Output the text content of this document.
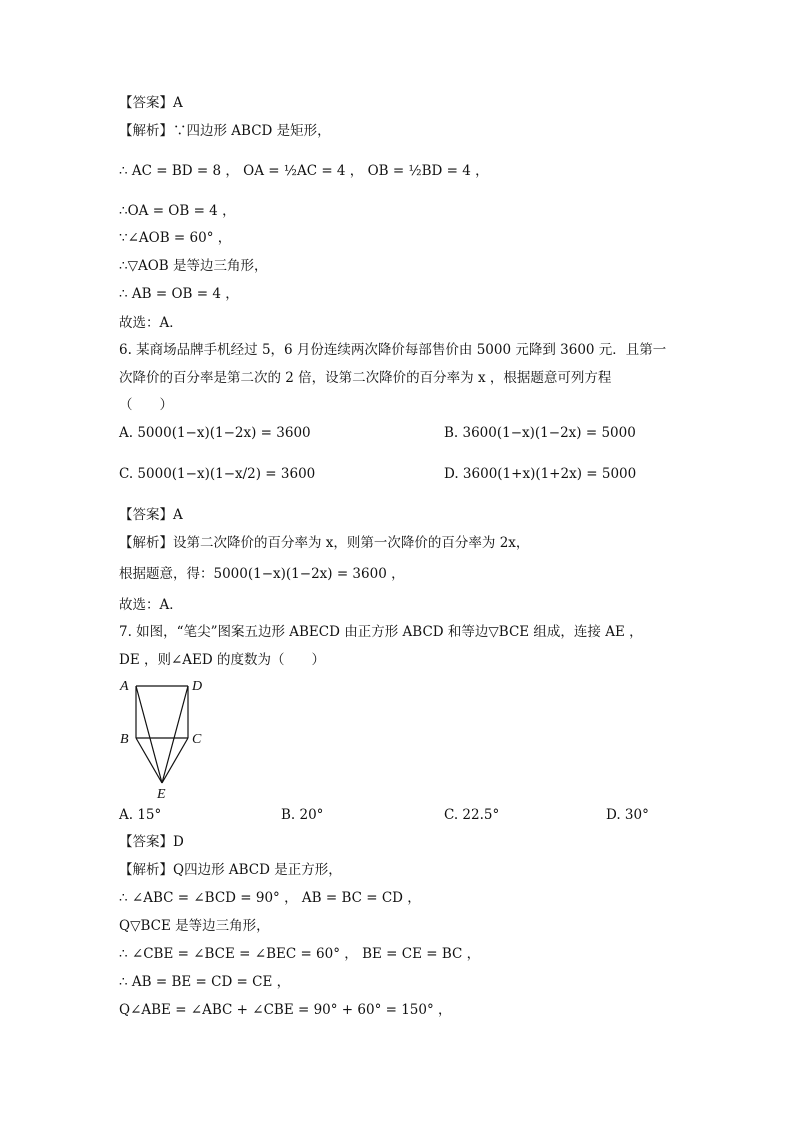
【答案】A
【解析】∵四边形 ABCD 是矩形，
∴ AC = BD = 8 ， OA = ½AC = 4 ， OB = ½BD = 4 ，
∴OA = OB = 4 ，
∵∠AOB = 60° ，
∴▽AOB 是等边三角形，
∴ AB = OB = 4 ，
故选：A．
6. 某商场品牌手机经过 5，6 月份连续两次降价每部售价由 5000 元降到 3600 元．且第一
次降价的百分率是第二次的 2 倍，设第二次降价的百分率为 x ，根据题意可列方程
（　　）
A. 5000(1−x)(1−2x) = 3600	B. 3600(1−x)(1−2x) = 5000
C. 5000(1−x)(1−x/2) = 3600	D. 3600(1+x)(1+2x) = 5000
【答案】A
【解析】设第二次降价的百分率为 x，则第一次降价的百分率为 2x，
根据题意，得：5000(1−x)(1−2x) = 3600 ，
故选：A．
7. 如图，“笔尖”图案五边形 ABECD 由正方形 ABCD 和等边▽BCE 组成，连接 AE ，
DE ，则∠AED 的度数为（　　）
A	D
B	C
E
A. 15°	B. 20°	C. 22.5°	D. 30°
【答案】D
【解析】Q四边形 ABCD 是正方形，
∴ ∠ABC = ∠BCD = 90° ， AB = BC = CD ，
Q▽BCE 是等边三角形，
∴ ∠CBE = ∠BCE = ∠BEC = 60° ， BE = CE = BC ，
∴ AB = BE = CD = CE ，
Q∠ABE = ∠ABC + ∠CBE = 90° + 60° = 150° ，
